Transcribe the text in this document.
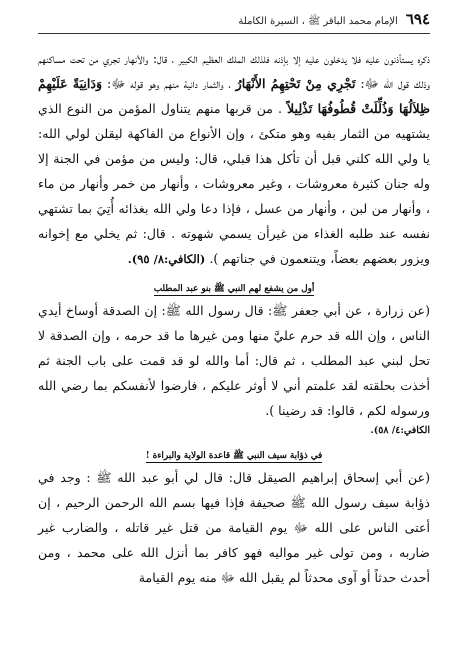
٦٩٤
الإمام محمد الباقر ﷺ ، السيرة الكاملة

ذكره يستأذنون عليه فلا يدخلون عليه إلا بإذنه فلذلك الملك العظيم الكبير ، قال: والأنهار تجري من تحت مساكنهم وذلك قول الله ﷻ: تَجْرِي مِنْ تَحْتِهِمُ الأَنْهَارُ ، والثمار دانية منهم وهو قوله ﷻ: وَدَانِيَةً عَلَيْهِمْ ظِلاَلُهَا وَذُلِّلَتْ قُطُوفُهَا تَذْلِيلاً . من قربها منهم يتناول المؤمن من النوع الذي يشتهيه من الثمار بفيه وهو متكئ ، وإن الأنواع من الفاكهة ليقلن لولي الله: يا ولي الله كلني قبل أن تأكل هذا قبلي، قال: وليس من مؤمن في الجنة إلا وله جنان كثيرة معروشات ، وغير معروشات ، وأنهار من خمر وأنهار من ماء ، وأنهار من لبن ، وأنهار من عسل ، فإذا دعا ولي الله بغذائه أُتِيَ بما تشتهي نفسه عند طلبه الغذاء من غيرأن يسمي شهوته . قال: ثم يخلي مع إخوانه ويزور بعضهم بعضاً، ويتنعمون في جناتهم ). (الكافي:٨/ ٩٥).

أول من يشفع لهم النبي ﷺ بنو عبد المطلب

(عن زرارة ، عن أبي جعفر ﷺ: قال رسول الله ﷺ: إن الصدقة أوساخ أيدي الناس ، وإن الله قد حرم عليَّ منها ومن غيرها ما قد حرمه ، وإن الصدقة لا تحل لبني عبد المطلب ، ثم قال: أما والله لو قد قمت على باب الجنة ثم أخذت بحلقته لقد علمتم أني لا أوثر عليكم ، فارضوا لأنفسكم بما رضي الله ورسوله لكم ، قالوا: قد رضينا ).

الكافي:٤/ ٥٨).
في ذؤابة سيف النبي ﷺ قاعدة الولاية والبراءة !

(عن أبي إسحاق إبراهيم الصيقل قال: قال لي أبو عبد الله ﷺ : وجد في ذؤابة سيف رسول الله ﷺ صحيفة فإذا فيها بسم الله الرحمن الرحيم ، إن أعتى الناس على الله ﷻ يوم القيامة من قتل غير قاتله ، والضارب غير ضاربه ، ومن تولى غير مواليه فهو كافر بما أنزل الله على محمد ، ومن أحدث حدثاً أو آوى محدثاً لم يقبل الله ﷻ منه يوم القيامة
